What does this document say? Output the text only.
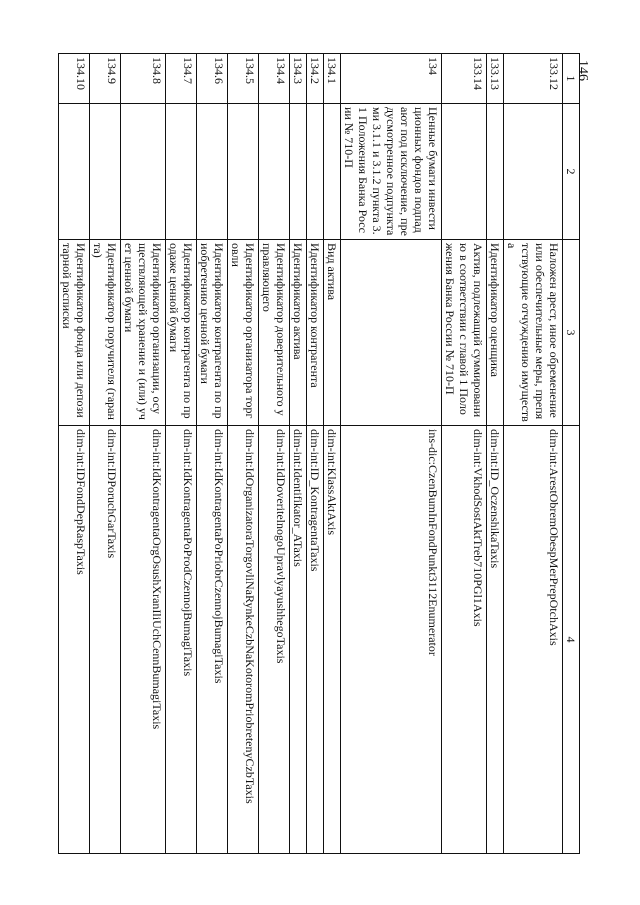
146
1	2	3	4
133.12		Наложен арест, иное обременение или обеспечительные меры, препятствующие отчуждению имущества	dim-int:ArestObremObespMerPrepOtchAxis
133.13		Идентификатор оценщика	dim-int:ID_OczenshikaTaxis
133.14		Актив, подлежащий суммированию в соответствии с главой 1 Положения Банка России № 710-П	dim-int:VkhodSostAktTreb710PGl1Axis
134	Ценные бумаги инвестиционных фондов подпадают под исключение, предусмотренное подпунктами 3.1.1 и 3.1.2 пункта 3.1 Положения Банка России № 710-П		ins-dic:CzenBumInFondPunkt3112Enumerator
134.1		Вид актива	dim-int:KlassAktAxis
134.2		Идентификатор контрагента	dim-int:ID_KontragentaTaxis
134.3		Идентификатор актива	dim-int:Identifikator_ATaxis
134.4		Идентификатор доверительного управляющего	dim-int:IdDoveritelnogoUpravlyayushhegoTaxis
134.5		Идентификатор организатора торговли	dim-int:IdOrganizatoraTorgovliNaRynkeCzbNaKotoromPriobretenyCzbTaxis
134.6		Идентификатор контрагента по приобретению ценной бумаги	dim-int:IdKontragentaPoPriobrCzennojBumagiTaxis
134.7		Идентификатор контрагента по продаже ценной бумаги	dim-int:IdKontragentaPoProdCzennojBumagiTaxis
134.8		Идентификатор организации, осуществляющей хранение и (или) учет ценной бумаги	dim-int:IdKontragentaOrgOsushXranIliUchCennBumagiTaxis
134.9		Идентификатор поручителя (гаранта)	dim-int:IDPoruchGarTaxis
134.10		Идентификатор фонда или депозитарной расписки	dim-int:IDFondDepRaspTaxis
